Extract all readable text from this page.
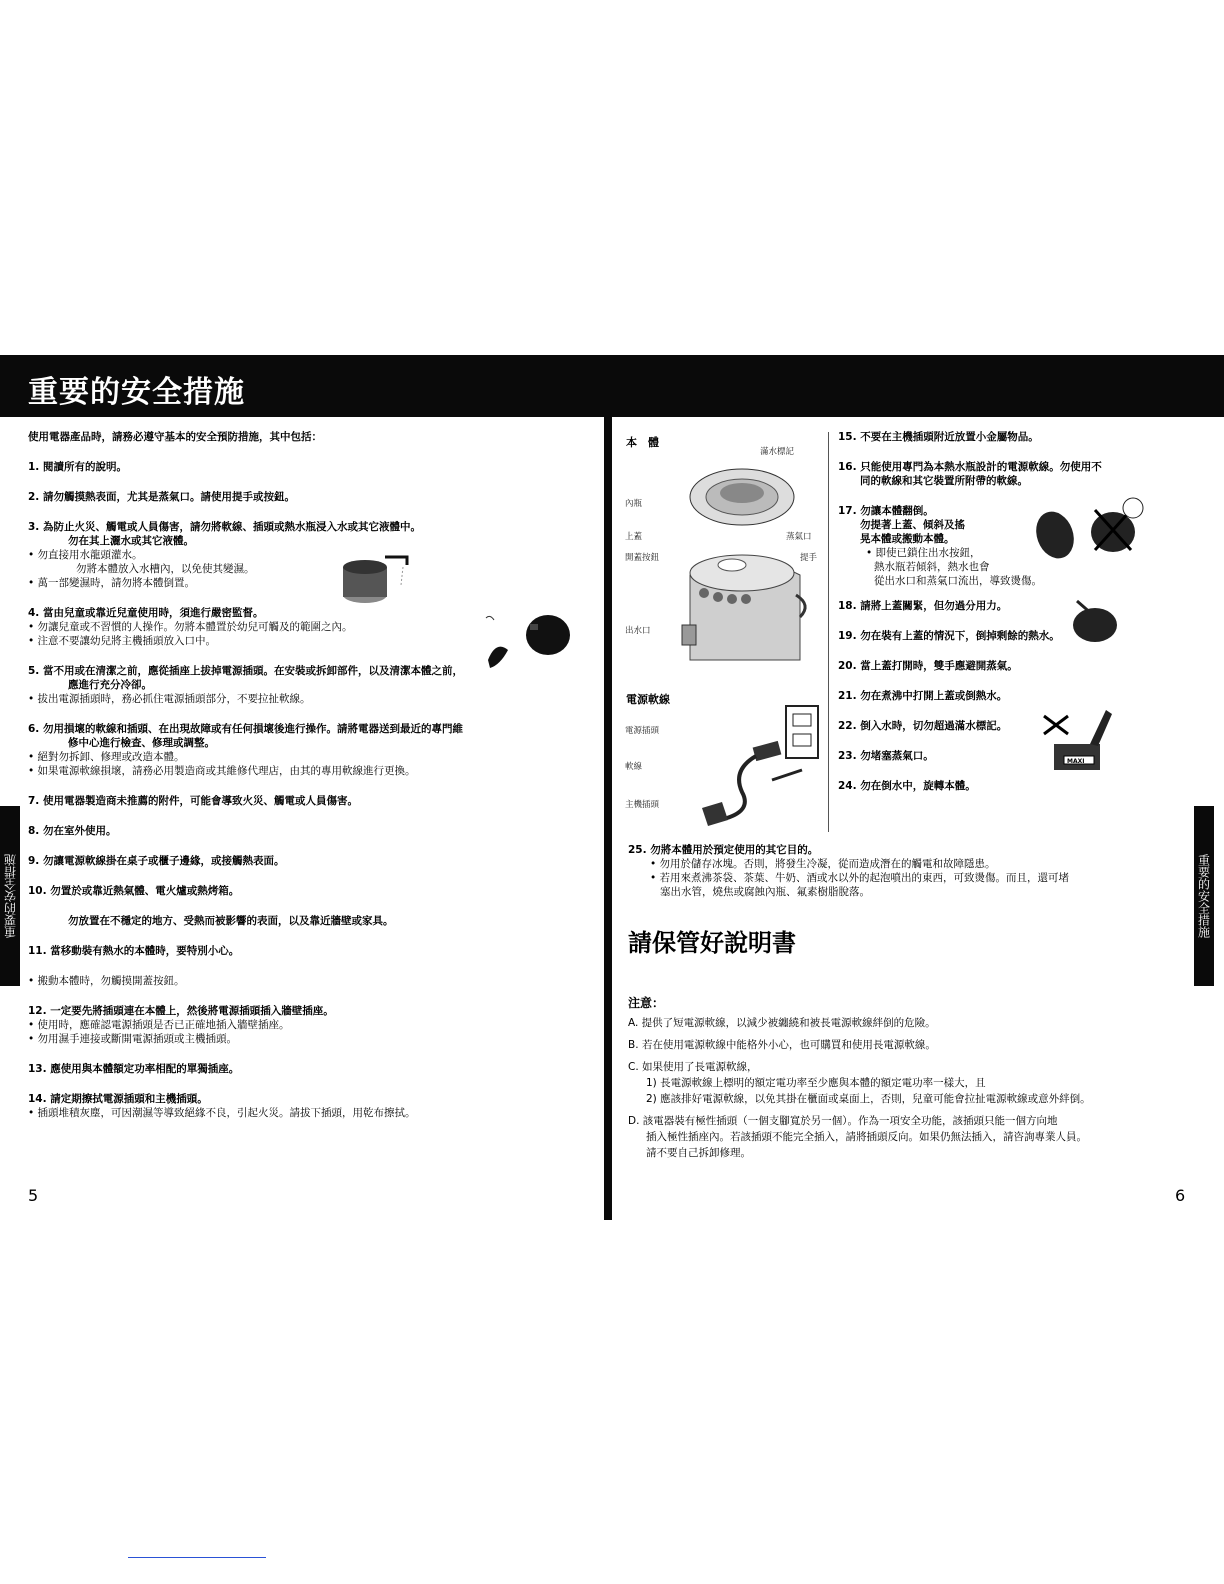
重要的安全措施
重要的安全措施	重要的安全措施
5	6

使用電器產品時，請務必遵守基本的安全預防措施，其中包括：

1. 閱讀所有的說明。

2. 請勿觸摸熱表面，尤其是蒸氣口。請使用提手或按鈕。

3. 為防止火災、觸電或人員傷害，請勿將軟線、插頭或熱水瓶浸入水或其它液體中。

勿在其上灑水或其它液體。

• 勿直接用水龍頭灌水。

勿將本體放入水槽內，以免使其變濕。

• 萬一部變濕時，請勿將本體倒置。

4. 當由兒童或靠近兒童使用時，須進行嚴密監督。

• 勿讓兒童或不習慣的人操作。勿將本體置於幼兒可觸及的範圍之內。

• 注意不要讓幼兒將主機插頭放入口中。

5. 當不用或在清潔之前，應從插座上拔掉電源插頭。在安裝或拆卸部件，以及清潔本體之前，

應進行充分冷卻。

• 拔出電源插頭時，務必抓住電源插頭部分，不要拉扯軟線。

6. 勿用損壞的軟線和插頭、在出現故障或有任何損壞後進行操作。請將電器送到最近的專門維

修中心進行檢查、修理或調整。

• 絕對勿拆卸、修理或改造本體。

• 如果電源軟線損壞，請務必用製造商或其維修代理店，由其的專用軟線進行更換。

7. 使用電器製造商未推薦的附件，可能會導致火災、觸電或人員傷害。

8. 勿在室外使用。

9. 勿讓電源軟線掛在桌子或櫃子邊緣，或接觸熱表面。

10. 勿置於或靠近熱氣體、電火爐或熱烤箱。

勿放置在不穩定的地方、受熱而被影響的表面，以及靠近牆壁或家具。

11. 當移動裝有熱水的本體時，要特別小心。

• 搬動本體時，勿觸摸開蓋按鈕。

12. 一定要先將插頭連在本體上，然後將電源插頭插入牆壁插座。

• 使用時，應確認電源插頭是否已正確地插入牆壁插座。

• 勿用濕手連接或斷開電源插頭或主機插頭。

13. 應使用與本體額定功率相配的單獨插座。

14. 請定期擦拭電源插頭和主機插頭。

• 插頭堆積灰塵，可因潮濕等導致絕緣不良，引起火災。請拔下插頭，用乾布擦拭。

本　體
滿水標記
內瓶
上蓋	蒸氣口
開蓋按鈕	提手
出水口
電源軟線
電源插頭
軟線
主機插頭

15. 不要在主機插頭附近放置小金屬物品。

16. 只能使用專門為本熱水瓶設計的電源軟線。勿使用不

同的軟線和其它裝置所附帶的軟線。

17. 勿讓本體翻倒。

勿提著上蓋、傾斜及搖

晃本體或搬動本體。

• 即使已鎖住出水按鈕，

熱水瓶若傾斜，熱水也會

從出水口和蒸氣口流出，導致燙傷。

18. 請將上蓋關緊，但勿過分用力。

19. 勿在裝有上蓋的情況下，倒掉剩餘的熱水。

20. 當上蓋打開時，雙手應避開蒸氣。

21. 勿在煮沸中打開上蓋或倒熱水。

22. 倒入水時，切勿超過滿水標記。

23. 勿堵塞蒸氣口。

24. 勿在倒水中，旋轉本體。

MAXI

25. 勿將本體用於預定使用的其它目的。

• 勿用於儲存冰塊。否則，將發生冷凝，從而造成潛在的觸電和故障隱患。

• 若用來煮沸茶袋、茶葉、牛奶、酒或水以外的起泡噴出的東西，可致燙傷。而且，還可堵

塞出水管，燒焦或腐蝕內瓶、氟素樹脂脫落。

請保管好說明書

注意：

A. 提供了短電源軟線，以減少被纏繞和被長電源軟線絆倒的危險。

B. 若在使用電源軟線中能格外小心，也可購買和使用長電源軟線。

C. 如果使用了長電源軟線，

1) 長電源軟線上標明的額定電功率至少應與本體的額定電功率一樣大，且

2) 應該排好電源軟線，以免其掛在櫃面或桌面上，否則，兒童可能會拉扯電源軟線或意外絆倒。

D. 該電器裝有極性插頭（一個支腳寬於另一個）。作為一項安全功能，該插頭只能一個方向地

插入極性插座內。若該插頭不能完全插入，請將插頭反向。如果仍無法插入，請咨詢專業人員。

請不要自己拆卸修理。
